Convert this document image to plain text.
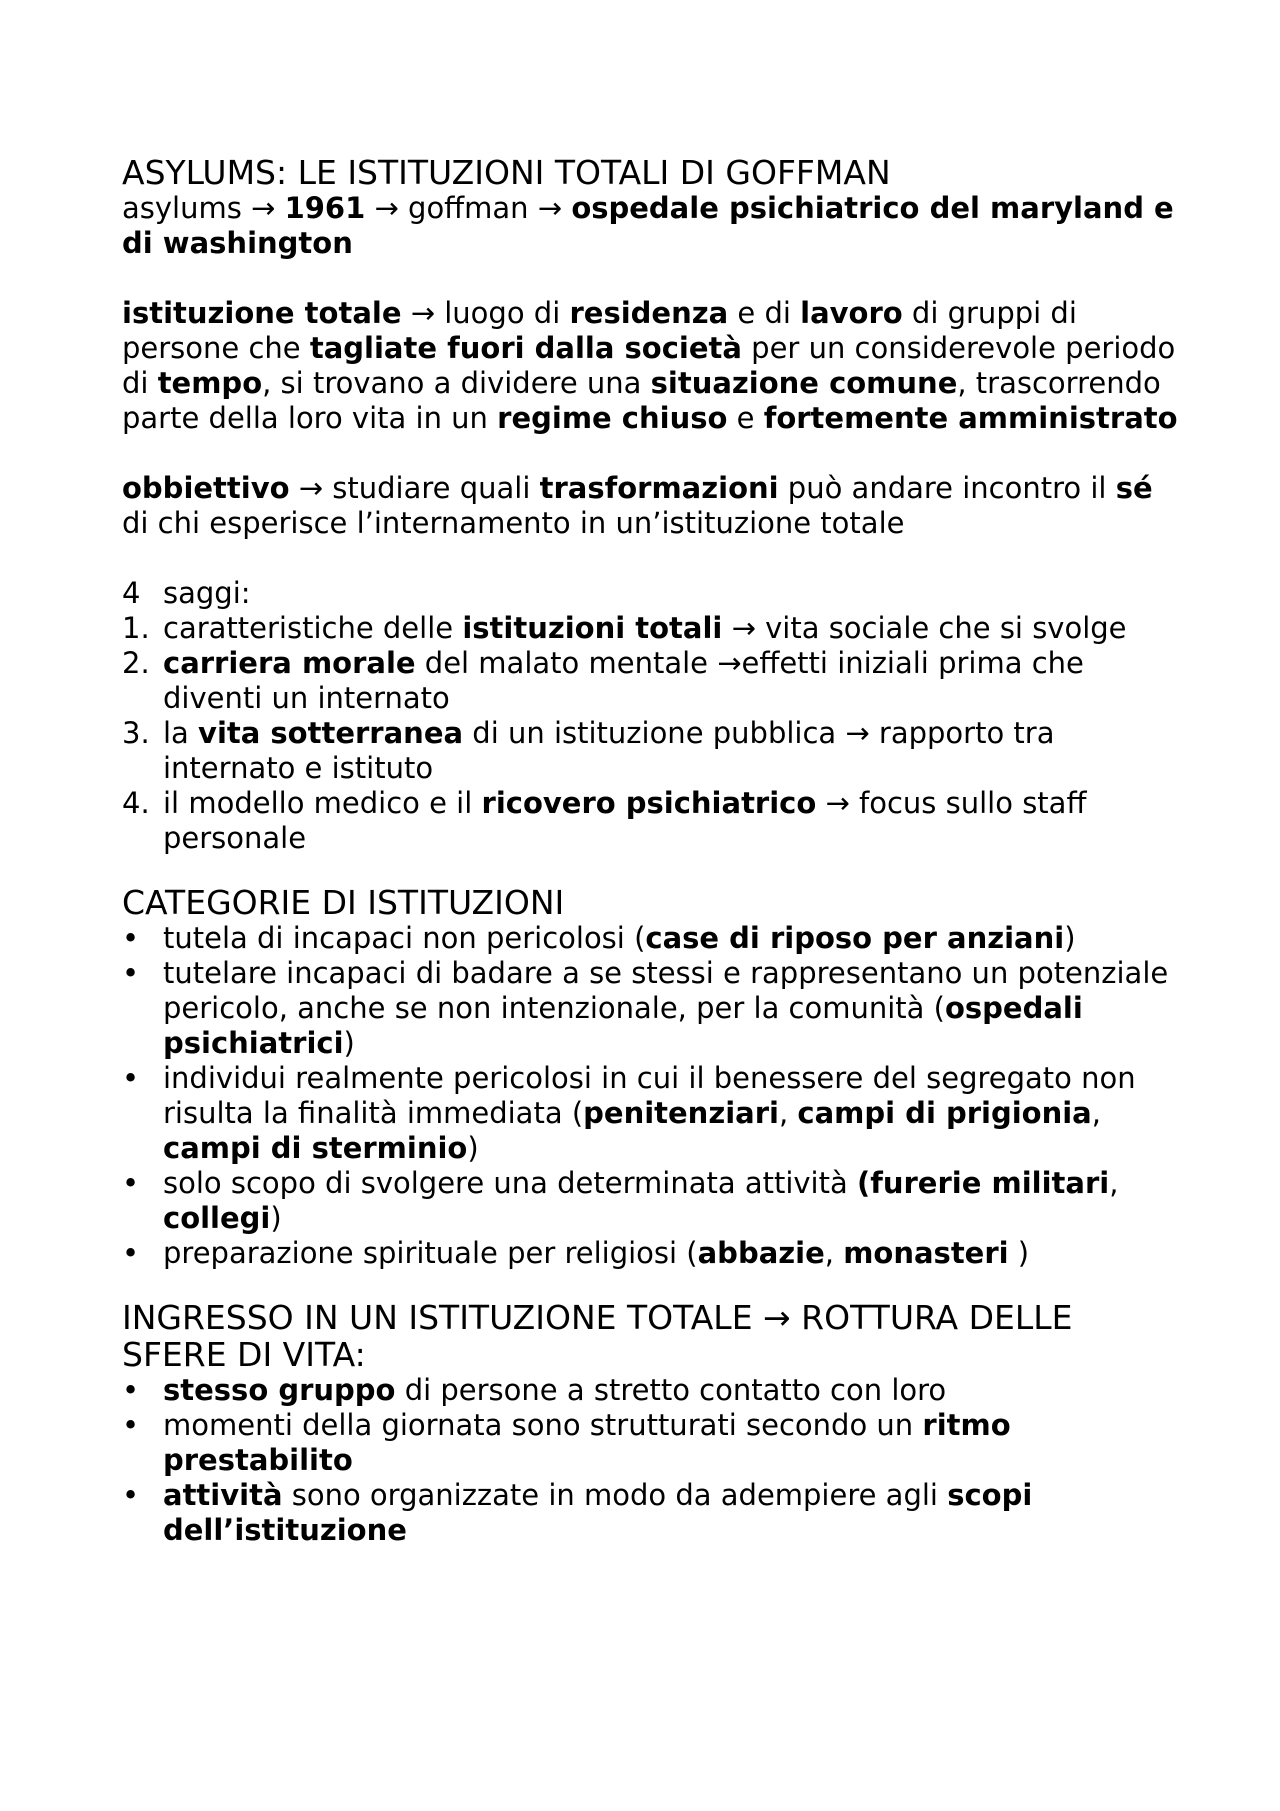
ASYLUMS: LE ISTITUZIONI TOTALI DI GOFFMAN

asylums → 1961 → goffman → ospedale psichiatrico del maryland e di washington

istituzione totale → luogo di residenza e di lavoro di gruppi di persone che tagliate fuori dalla società per un considerevole periodo di tempo, si trovano a dividere una situazione comune, trascorrendo parte della loro vita in un regime chiuso e fortemente amministrato

obbiettivo → studiare quali trasformazioni può andare incontro il sé di chi esperisce l’internamento in un’istituzione totale

4 saggi:
1. caratteristiche delle istituzioni totali → vita sociale che si svolge
2. carriera morale del malato mentale →effetti iniziali prima che diventi un internato
3. la vita sotterranea di un istituzione pubblica → rapporto tra internato e istituto
4. il modello medico e il ricovero psichiatrico → focus sullo staff personale
CATEGORIE DI ISTITUZIONI
• tutela di incapaci non pericolosi (case di riposo per anziani)
• tutelare incapaci di badare a se stessi e rappresentano un potenziale pericolo, anche se non intenzionale, per la comunità (ospedali psichiatrici)
• individui realmente pericolosi in cui il benessere del segregato non risulta la finalità immediata (penitenziari, campi di prigionia, campi di sterminio)
• solo scopo di svolgere una determinata attività (furerie militari, collegi)
• preparazione spirituale per religiosi (abbazie, monasteri )
INGRESSO IN UN ISTITUZIONE TOTALE → ROTTURA DELLE SFERE DI VITA:
• stesso gruppo di persone a stretto contatto con loro
• momenti della giornata sono strutturati secondo un ritmo prestabilito
• attività sono organizzate in modo da adempiere agli scopi dell’istituzione
